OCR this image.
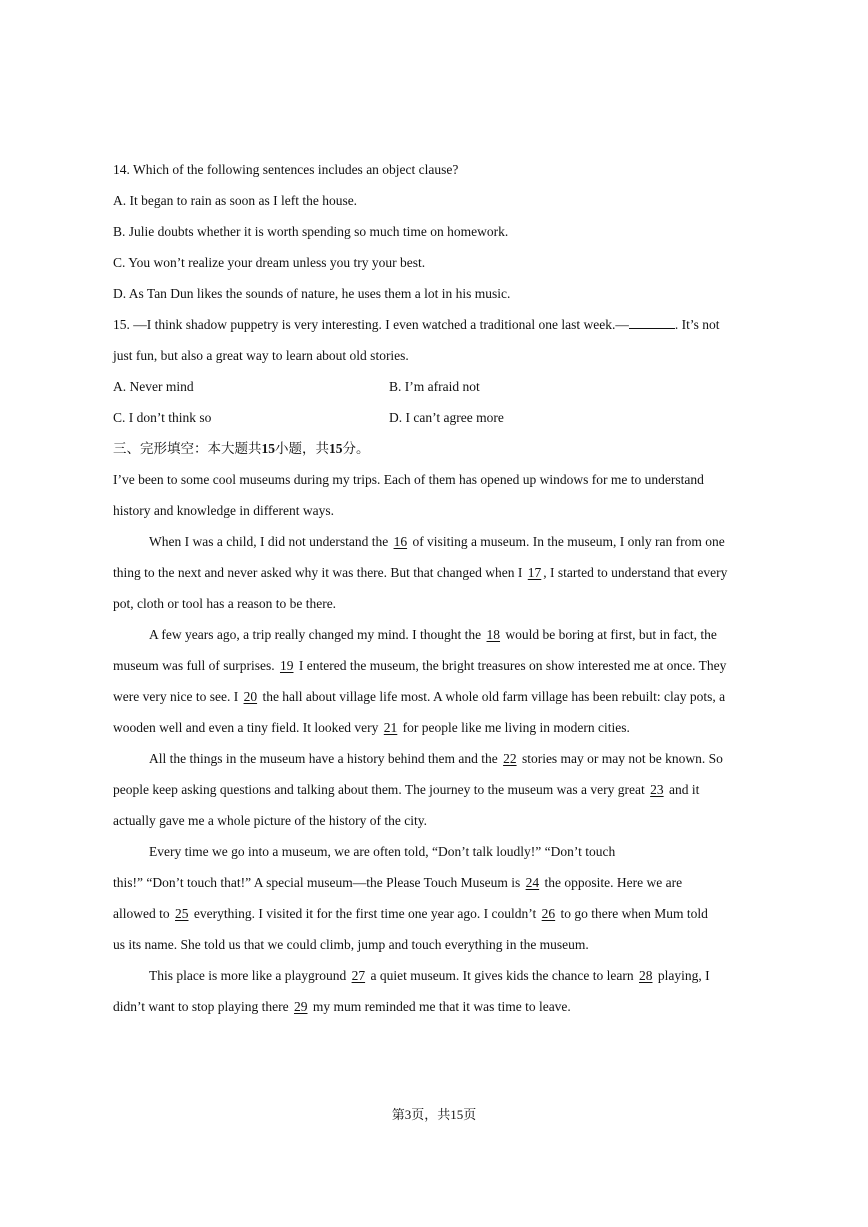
14. Which of the following sentences includes an object clause?
A. It began to rain as soon as I left the house.
B. Julie doubts whether it is worth spending so much time on homework.
C. You won’t realize your dream unless you try your best.
D. As Tan Dun likes the sounds of nature, he uses them a lot in his music.
15. —I think shadow puppetry is very interesting. I even watched a traditional one last week.—	. It’s not
just fun, but also a great way to learn about old stories.
A. Never mind	B. I’m afraid not
C. I don’t think so	D. I can’t agree more
三、完形填空：本大题共15小题，共15分。
I’ve been to some cool museums during my trips. Each of them has opened up windows for me to understand
history and knowledge in different ways.
When I was a child, I did not understand the 16 of visiting a museum. In the museum, I only ran from one
thing to the next and never asked why it was there. But that changed when I 17 , I started to understand that every
pot, cloth or tool has a reason to be there.
A few years ago, a trip really changed my mind. I thought the 18 would be boring at first, but in fact, the
museum was full of surprises. 19 I entered the museum, the bright treasures on show interested me at once. They
were very nice to see. I 20 the hall about village life most. A whole old farm village has been rebuilt: clay pots, a
wooden well and even a tiny field. It looked very 21 for people like me living in modern cities.
All the things in the museum have a history behind them and the 22 stories may or may not be known. So
people keep asking questions and talking about them. The journey to the museum was a very great 23 and it
actually gave me a whole picture of the history of the city.
Every time we go into a museum, we are often told, “Don’t talk loudly!” “Don’t touch
this!” “Don’t touch that!” A special museum—the Please Touch Museum is 24 the opposite. Here we are
allowed to 25 everything. I visited it for the first time one year ago. I couldn’t 26 to go there when Mum told
us its name. She told us that we could climb, jump and touch everything in the museum.
This place is more like a playground 27 a quiet museum. It gives kids the chance to learn 28 playing, I
didn’t want to stop playing there 29 my mum reminded me that it was time to leave.
第3页，共15页
